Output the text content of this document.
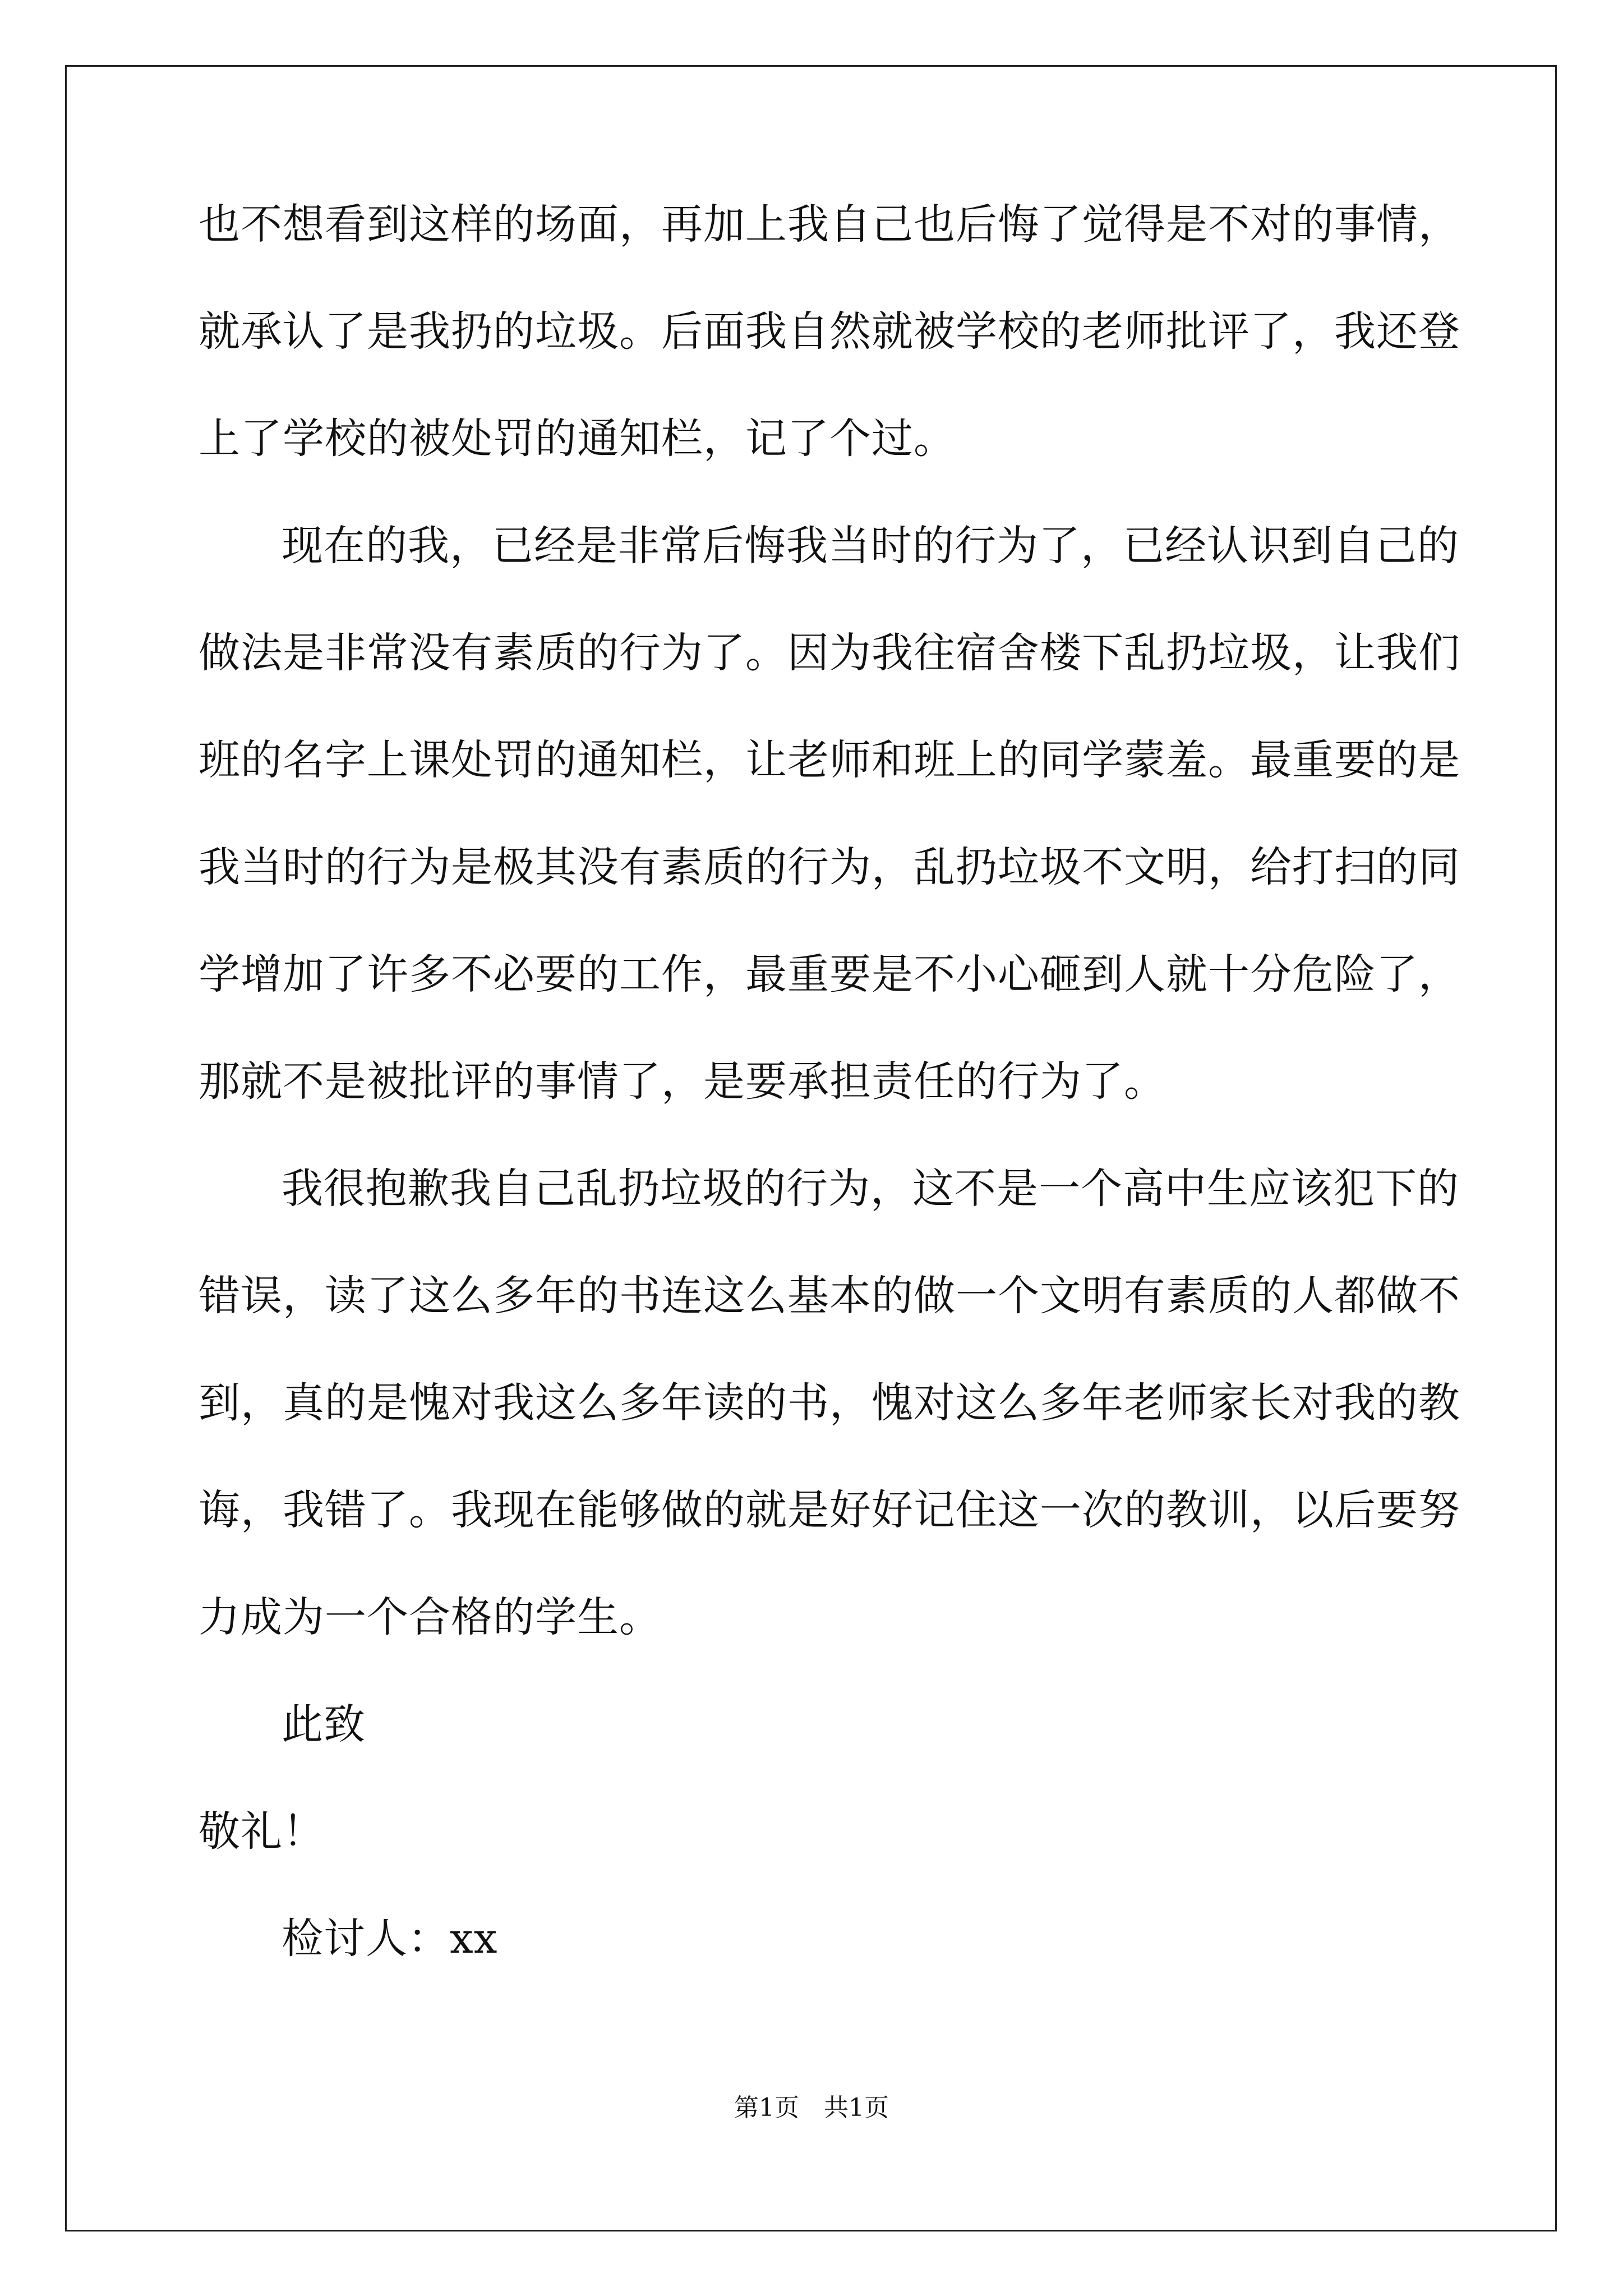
也不想看到这样的场面，再加上我自己也后悔了觉得是不对的事情，
就承认了是我扔的垃圾。后面我自然就被学校的老师批评了，我还登
上了学校的被处罚的通知栏，记了个过。
现在的我，已经是非常后悔我当时的行为了，已经认识到自己的
做法是非常没有素质的行为了。因为我往宿舍楼下乱扔垃圾，让我们
班的名字上课处罚的通知栏，让老师和班上的同学蒙羞。最重要的是
我当时的行为是极其没有素质的行为，乱扔垃圾不文明，给打扫的同
学增加了许多不必要的工作，最重要是不小心砸到人就十分危险了，
那就不是被批评的事情了，是要承担责任的行为了。
我很抱歉我自己乱扔垃圾的行为，这不是一个高中生应该犯下的
错误，读了这么多年的书连这么基本的做一个文明有素质的人都做不
到，真的是愧对我这么多年读的书，愧对这么多年老师家长对我的教
诲，我错了。我现在能够做的就是好好记住这一次的教训，以后要努
力成为一个合格的学生。
此致
敬礼！
检讨人：xx
第1页 共1页
